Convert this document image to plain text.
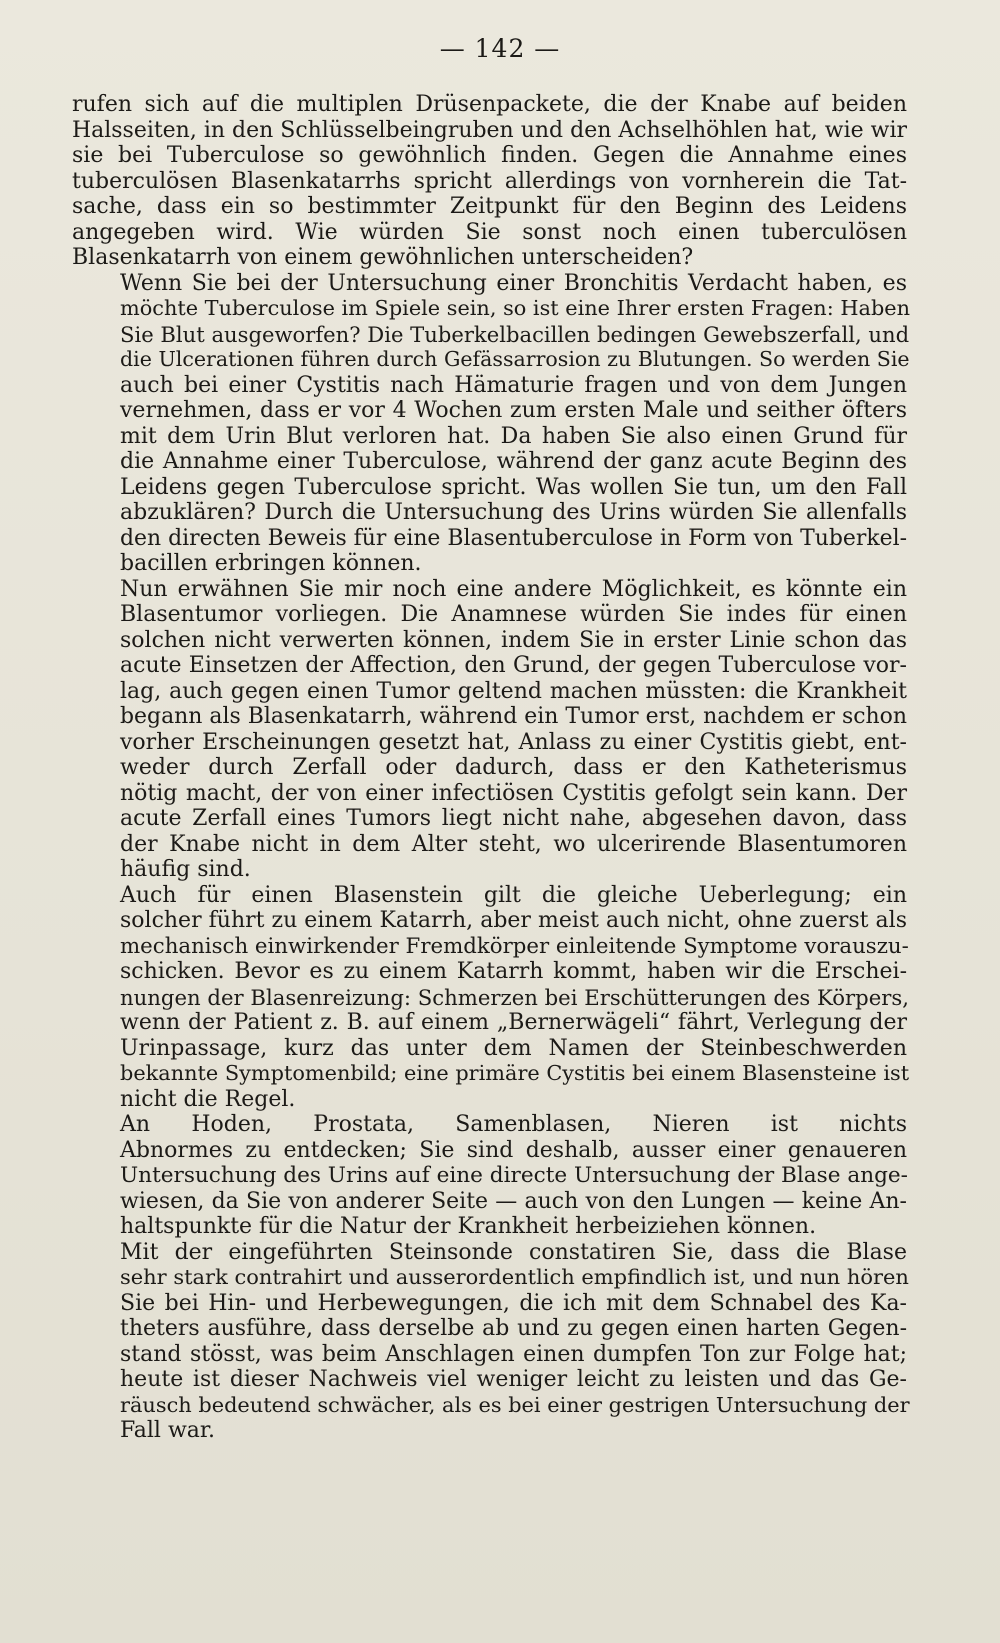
— 142 —

rufen sich auf die multiplen Drüsenpackete, die der Knabe auf beiden
Halsseiten, in den Schlüsselbeingruben und den Achselhöhlen hat, wie wir
sie bei Tuberculose so gewöhnlich finden. Gegen die Annahme eines
tuberculösen Blasenkatarrhs spricht allerdings von vornherein die Tat-
sache, dass ein so bestimmter Zeitpunkt für den Beginn des Leidens
angegeben wird. Wie würden Sie sonst noch einen tuberculösen
Blasenkatarrh von einem gewöhnlichen unterscheiden?

Wenn Sie bei der Untersuchung einer Bronchitis Verdacht haben, es
möchte Tuberculose im Spiele sein, so ist eine Ihrer ersten Fragen: Haben
Sie Blut ausgeworfen? Die Tuberkelbacillen bedingen Gewebszerfall, und
die Ulcerationen führen durch Gefässarrosion zu Blutungen. So werden Sie
auch bei einer Cystitis nach Hämaturie fragen und von dem Jungen
vernehmen, dass er vor 4 Wochen zum ersten Male und seither öfters
mit dem Urin Blut verloren hat. Da haben Sie also einen Grund für
die Annahme einer Tuberculose, während der ganz acute Beginn des
Leidens gegen Tuberculose spricht. Was wollen Sie tun, um den Fall
abzuklären? Durch die Untersuchung des Urins würden Sie allenfalls
den directen Beweis für eine Blasentuberculose in Form von Tuberkel-
bacillen erbringen können.

Nun erwähnen Sie mir noch eine andere Möglichkeit, es könnte ein
Blasentumor vorliegen. Die Anamnese würden Sie indes für einen
solchen nicht verwerten können, indem Sie in erster Linie schon das
acute Einsetzen der Affection, den Grund, der gegen Tuberculose vor-
lag, auch gegen einen Tumor geltend machen müssten: die Krankheit
begann als Blasenkatarrh, während ein Tumor erst, nachdem er schon
vorher Erscheinungen gesetzt hat, Anlass zu einer Cystitis giebt, ent-
weder durch Zerfall oder dadurch, dass er den Katheterismus
nötig macht, der von einer infectiösen Cystitis gefolgt sein kann. Der
acute Zerfall eines Tumors liegt nicht nahe, abgesehen davon, dass
der Knabe nicht in dem Alter steht, wo ulcerirende Blasentumoren
häufig sind.

Auch für einen Blasenstein gilt die gleiche Ueberlegung; ein
solcher führt zu einem Katarrh, aber meist auch nicht, ohne zuerst als
mechanisch einwirkender Fremdkörper einleitende Symptome vorauszu-
schicken. Bevor es zu einem Katarrh kommt, haben wir die Erschei-
nungen der Blasenreizung: Schmerzen bei Erschütterungen des Körpers,
wenn der Patient z. B. auf einem „Bernerwägeli“ fährt, Verlegung der
Urinpassage, kurz das unter dem Namen der Steinbeschwerden
bekannte Symptomenbild; eine primäre Cystitis bei einem Blasensteine ist
nicht die Regel.

An Hoden, Prostata, Samenblasen, Nieren ist nichts
Abnormes zu entdecken; Sie sind deshalb, ausser einer genaueren
Untersuchung des Urins auf eine directe Untersuchung der Blase ange-
wiesen, da Sie von anderer Seite — auch von den Lungen — keine An-
haltspunkte für die Natur der Krankheit herbeiziehen können.

Mit der eingeführten Steinsonde constatiren Sie, dass die Blase
sehr stark contrahirt und ausserordentlich empfindlich ist, und nun hören
Sie bei Hin- und Herbewegungen, die ich mit dem Schnabel des Ka-
theters ausführe, dass derselbe ab und zu gegen einen harten Gegen-
stand stösst, was beim Anschlagen einen dumpfen Ton zur Folge hat;
heute ist dieser Nachweis viel weniger leicht zu leisten und das Ge-
räusch bedeutend schwächer, als es bei einer gestrigen Untersuchung der
Fall war.
